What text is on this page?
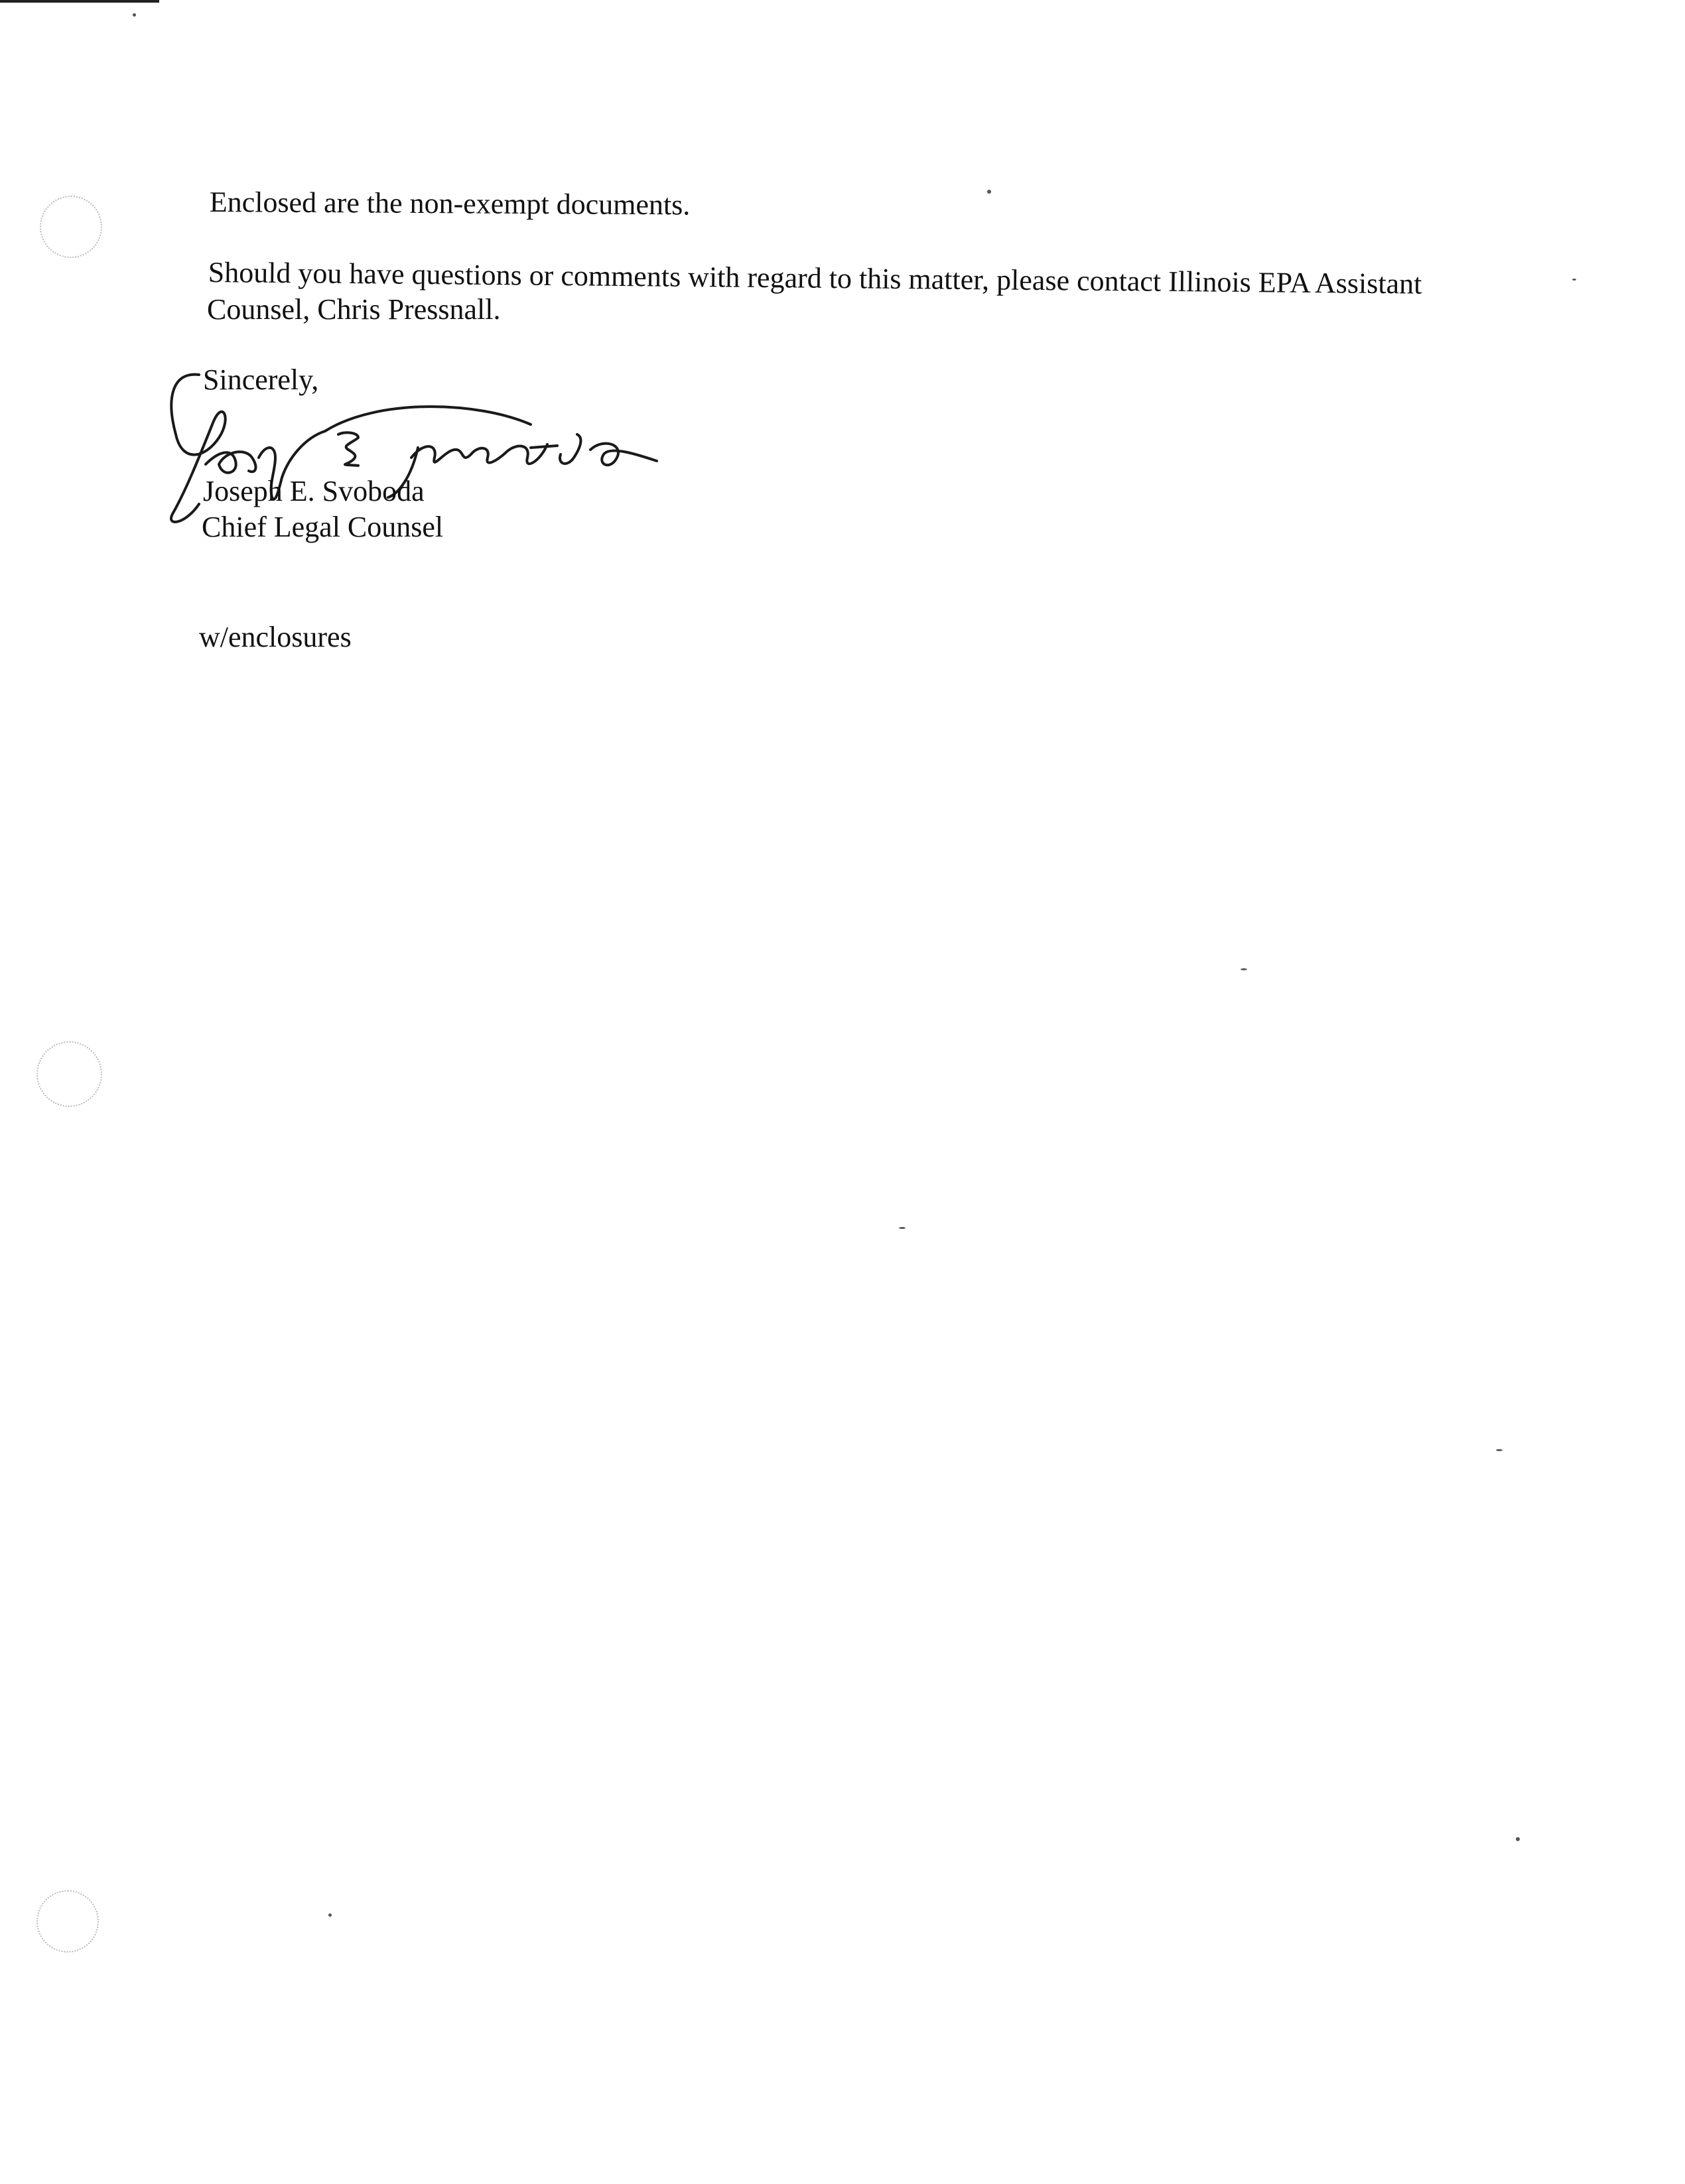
Enclosed are the non-exempt documents.
Should you have questions or comments with regard to this matter, please contact Illinois EPA Assistant
Counsel, Chris Pressnall.
Sincerely,
Joseph E. Svoboda
Chief Legal Counsel
w/enclosures
